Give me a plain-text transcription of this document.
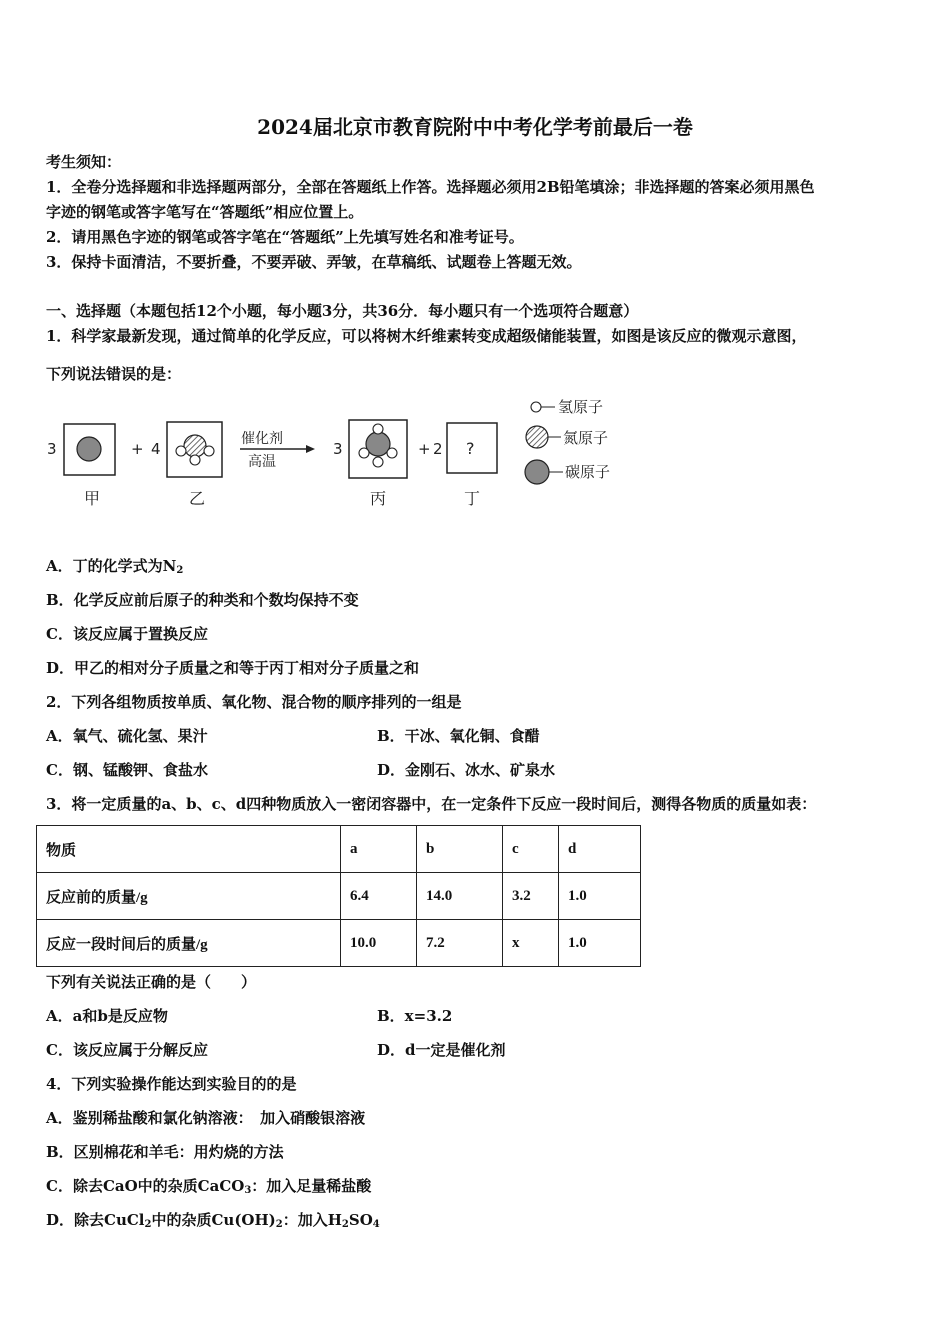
2024届北京市教育院附中中考化学考前最后一卷
考生须知：
1．全卷分选择题和非选择题两部分，全部在答题纸上作答。选择题必须用2B铅笔填涂；非选择题的答案必须用黑色
字迹的钢笔或答字笔写在“答题纸”相应位置上。
2．请用黑色字迹的钢笔或答字笔在“答题纸”上先填写姓名和准考证号。
3．保持卡面清洁，不要折叠，不要弄破、弄皱，在草稿纸、试题卷上答题无效。
一、选择题（本题包括12个小题，每小题3分，共36分．每小题只有一个选项符合题意）
1．科学家最新发现，通过简单的化学反应，可以将树木纤维素转变成超级储能装置，如图是该反应的微观示意图，
下列说法错误的是：
3	+ 4
催化剂
高温
3	+ 2 ?
甲	乙	丙	丁
氢原子
氮原子
碳原子
A．丁的化学式为$N_2$
B．化学反应前后原子的种类和个数均保持不变
C．该反应属于置换反应
D．甲乙的相对分子质量之和等于丙丁相对分子质量之和
2．下列各组物质按单质、氧化物、混合物的顺序排列的一组是
A．氧气、硫化氢、果汁	B．干冰、氧化铜、食醋
C．钢、锰酸钾、食盐水	D．金刚石、冰水、矿泉水
3．将一定质量的a、b、c、d四种物质放入一密闭容器中，在一定条件下反应一段时间后，测得各物质的质量如表：
物质	a	b	c	d
反应前的质量/g	6.4	14.0	3.2	1.0
反应一段时间后的质量/g	10.0	7.2	x	1.0
下列有关说法正确的是（　　）
A．a和b是反应物	B．x=3.2
C．该反应属于分解反应	D．d一定是催化剂
4．下列实验操作能达到实验目的的是
A．鉴别稀盐酸和氯化钠溶液：　加入硝酸银溶液
B．区别棉花和羊毛：用灼烧的方法
C．除去CaO中的杂质CaCO$_3$：加入足量稀盐酸
D．除去CuCl$_2$中的杂质$Cu(OH)_2$：加入$H_2SO_4$
